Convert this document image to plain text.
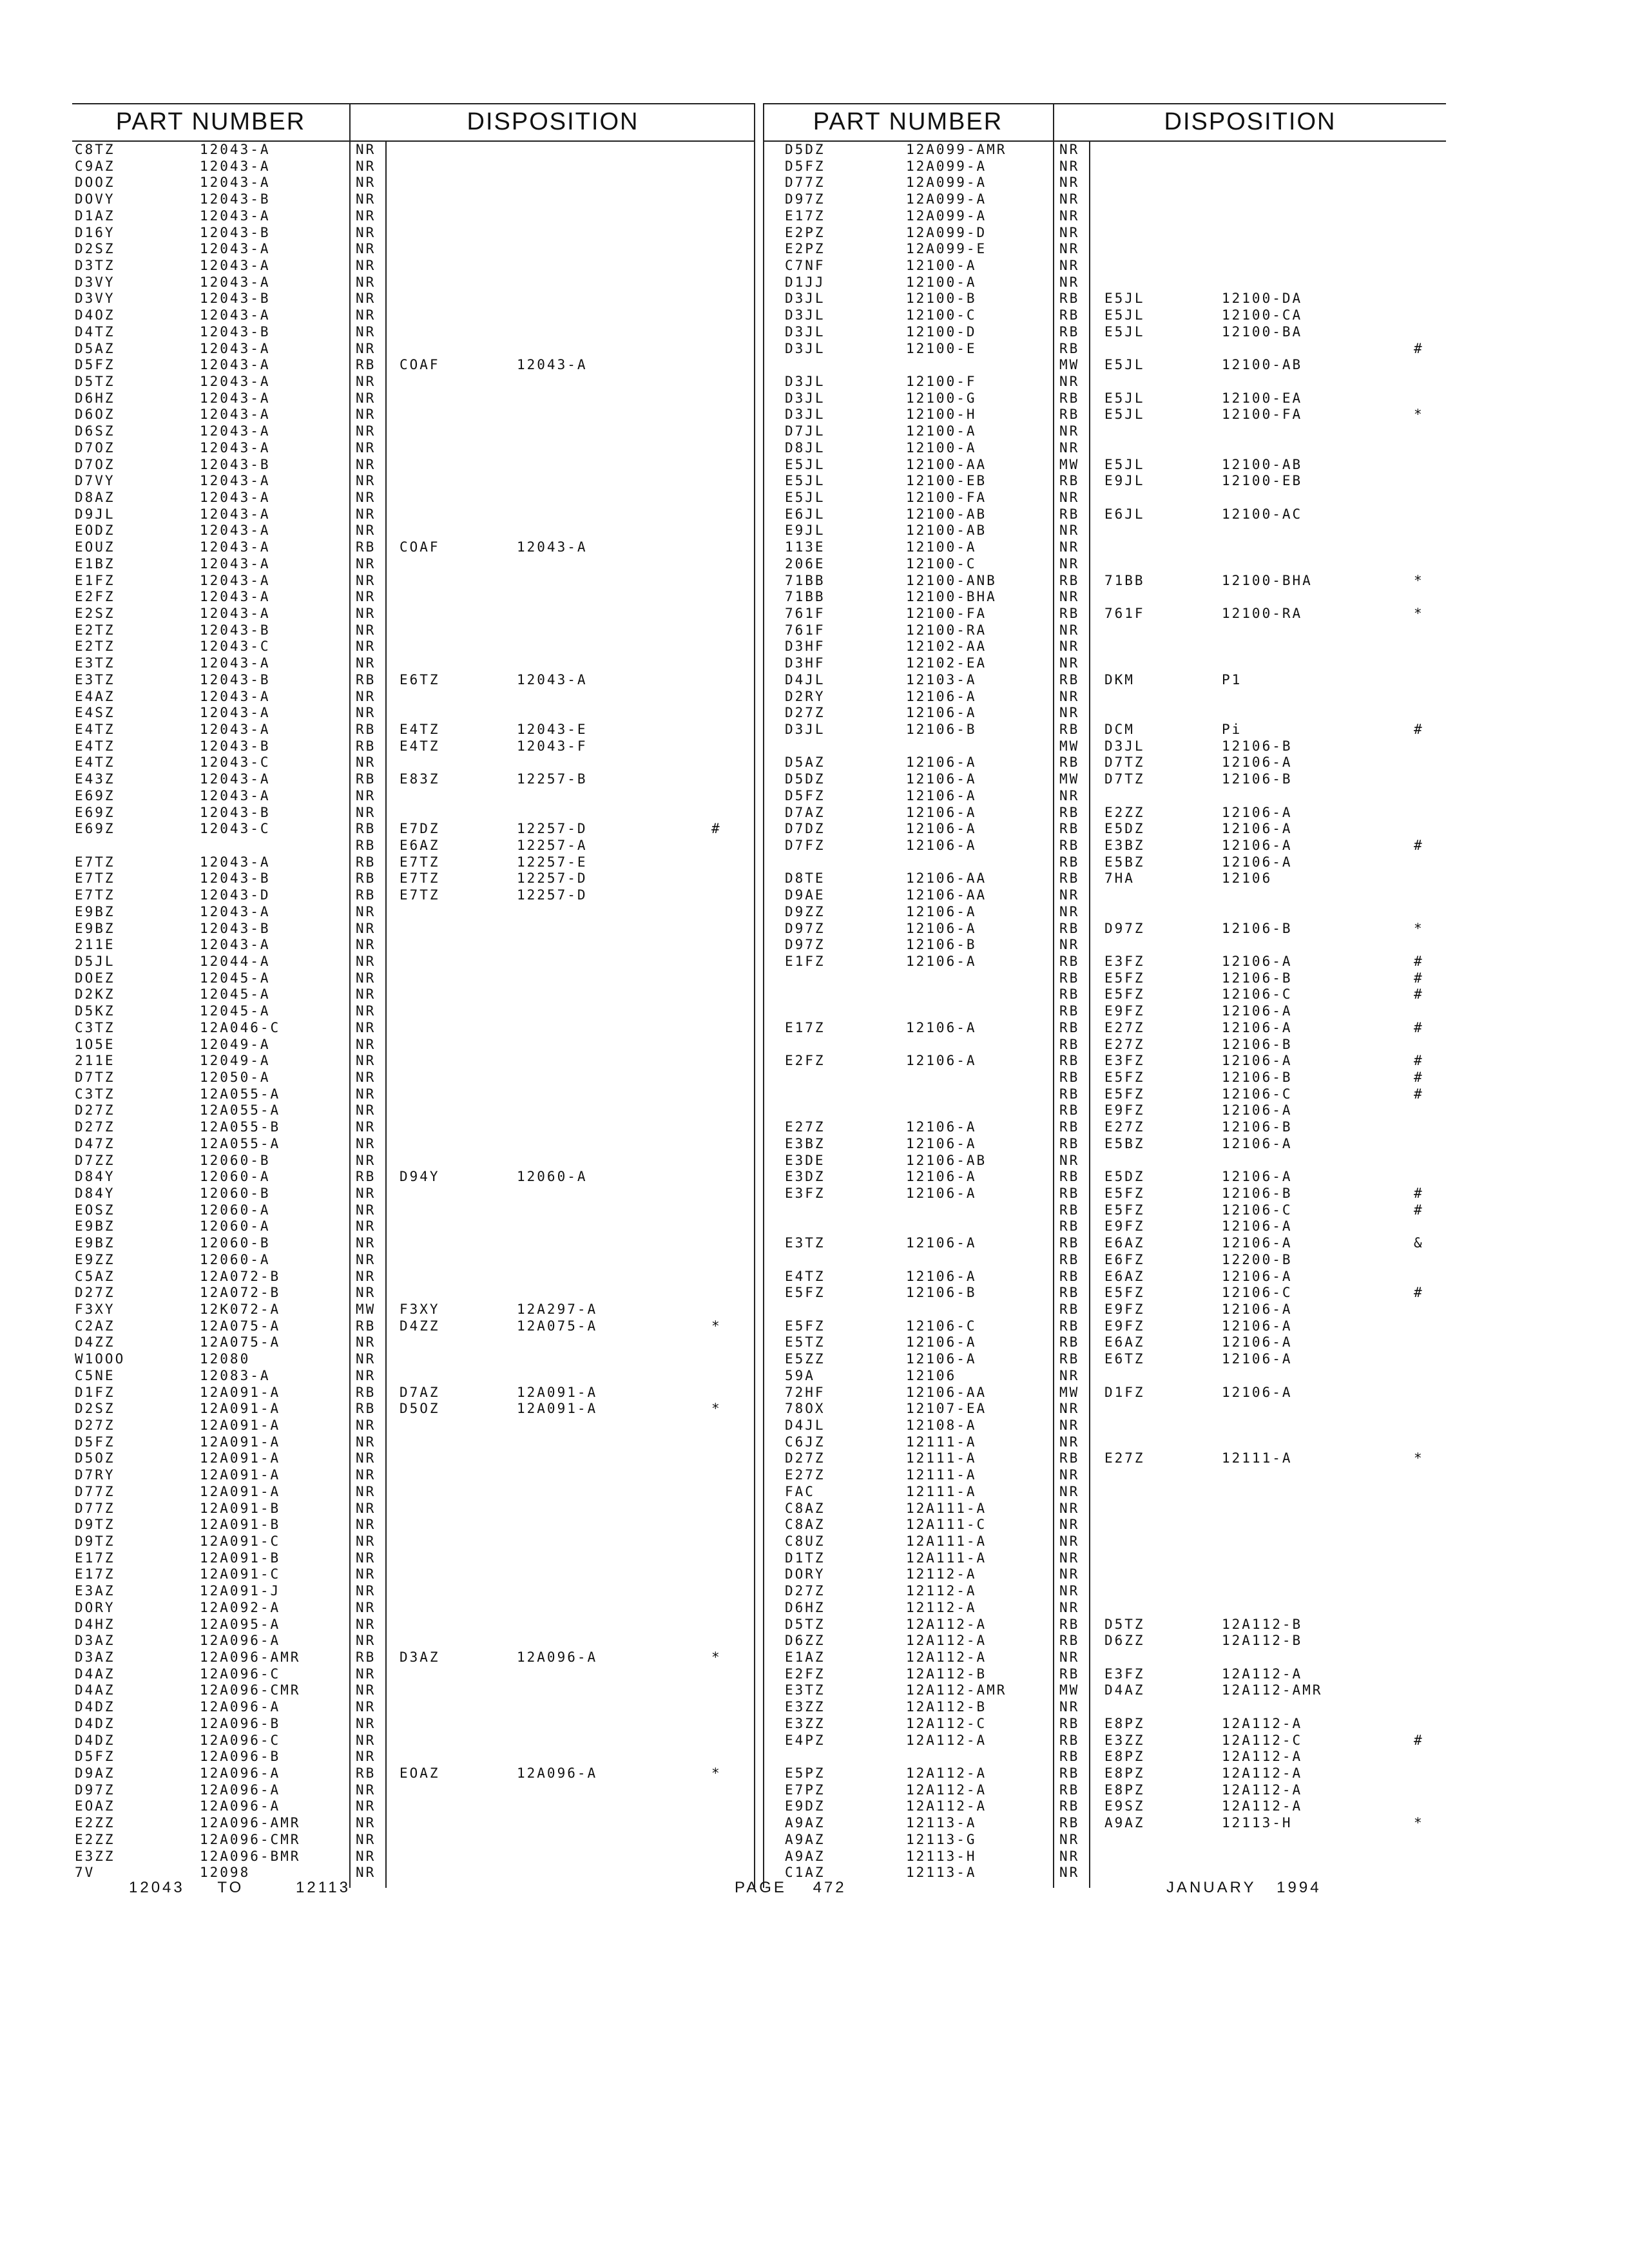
PART NUMBER	DISPOSITION
C8TZ	12043-A	NR
C9AZ	12043-A	NR
DOOZ	12043-A	NR
DOVY	12043-B	NR
D1AZ	12043-A	NR
D16Y	12043-B	NR
D2SZ	12043-A	NR
D3TZ	12043-A	NR
D3VY	12043-A	NR
D3VY	12043-B	NR
D4OZ	12043-A	NR
D4TZ	12043-B	NR
D5AZ	12043-A	NR
D5FZ	12043-A	RB COAF	12043-A
D5TZ	12043-A	NR
D6HZ	12043-A	NR
D6OZ	12043-A	NR
D6SZ	12043-A	NR
D7OZ	12043-A	NR
D7OZ	12043-B	NR
D7VY	12043-A	NR
D8AZ	12043-A	NR
D9JL	12043-A	NR
EODZ	12043-A	NR
EOUZ	12043-A	RB COAF	12043-A
E1BZ	12043-A	NR
E1FZ	12043-A	NR
E2FZ	12043-A	NR
E2SZ	12043-A	NR
E2TZ	12043-B	NR
E2TZ	12043-C	NR
E3TZ	12043-A	NR
E3TZ	12043-B	RB E6TZ	12043-A
E4AZ	12043-A	NR
E4SZ	12043-A	NR
E4TZ	12043-A	RB E4TZ	12043-E
E4TZ	12043-B	RB E4TZ	12043-F
E4TZ	12043-C	NR
E43Z	12043-A	RB E83Z	12257-B
E69Z	12043-A	NR
E69Z	12043-B	NR
E69Z	12043-C	RB E7DZ	12257-D	#
RB E6AZ	12257-A
E7TZ	12043-A	RB E7TZ	12257-E
E7TZ	12043-B	RB E7TZ	12257-D
E7TZ	12043-D	RB E7TZ	12257-D
E9BZ	12043-A	NR
E9BZ	12043-B	NR
211E	12043-A	NR
D5JL	12044-A	NR
DOEZ	12045-A	NR
D2KZ	12045-A	NR
D5KZ	12045-A	NR
C3TZ	12A046-C	NR
1O5E	12049-A	NR
211E	12049-A	NR
D7TZ	12050-A	NR
C3TZ	12A055-A	NR
D27Z	12A055-A	NR
D27Z	12A055-B	NR
D47Z	12A055-A	NR
D7ZZ	12060-B	NR
D84Y	12060-A	RB D94Y	12060-A
D84Y	12060-B	NR
EOSZ	12060-A	NR
E9BZ	12060-A	NR
E9BZ	12060-B	NR
E9ZZ	12060-A	NR
C5AZ	12A072-B	NR
D27Z	12A072-B	NR
F3XY	12K072-A	MW F3XY	12A297-A
C2AZ	12A075-A	RB D4ZZ	12A075-A	*
D4ZZ	12A075-A	NR
W1OOO	12080	NR
C5NE	12083-A	NR
D1FZ	12A091-A	RB D7AZ	12A091-A
D2SZ	12A091-A	RB D5OZ	12A091-A	*
D27Z	12A091-A	NR
D5FZ	12A091-A	NR
D5OZ	12A091-A	NR
D7RY	12A091-A	NR
D77Z	12A091-A	NR
D77Z	12A091-B	NR
D9TZ	12A091-B	NR
D9TZ	12A091-C	NR
E17Z	12A091-B	NR
E17Z	12A091-C	NR
E3AZ	12A091-J	NR
DORY	12A092-A	NR
D4HZ	12A095-A	NR
D3AZ	12A096-A	NR
D3AZ	12A096-AMR	RB D3AZ	12A096-A	*
D4AZ	12A096-C	NR
D4AZ	12A096-CMR	NR
D4DZ	12A096-A	NR
D4DZ	12A096-B	NR
D4DZ	12A096-C	NR
D5FZ	12A096-B	NR
D9AZ	12A096-A	RB EOAZ	12A096-A	*
D97Z	12A096-A	NR
EOAZ	12A096-A	NR
E2ZZ	12A096-AMR	NR
E2ZZ	12A096-CMR	NR
E3ZZ	12A096-BMR	NR
7V	12098	NR
PART NUMBER	DISPOSITION
D5DZ	12A099-AMR	NR
D5FZ	12A099-A	NR
D77Z	12A099-A	NR
D97Z	12A099-A	NR
E17Z	12A099-A	NR
E2PZ	12A099-D	NR
E2PZ	12A099-E	NR
C7NF	12100-A	NR
D1JJ	12100-A	NR
D3JL	12100-B	RB E5JL	12100-DA
D3JL	12100-C	RB E5JL	12100-CA
D3JL	12100-D	RB E5JL	12100-BA
D3JL	12100-E	RB	#
MW E5JL	12100-AB
D3JL	12100-F	NR
D3JL	12100-G	RB E5JL	12100-EA
D3JL	12100-H	RB E5JL	12100-FA	*
D7JL	12100-A	NR
D8JL	12100-A	NR
E5JL	12100-AA	MW E5JL	12100-AB
E5JL	12100-EB	RB E9JL	12100-EB
E5JL	12100-FA	NR
E6JL	12100-AB	RB E6JL	12100-AC
E9JL	12100-AB	NR
113E	12100-A	NR
206E	12100-C	NR
71BB	12100-ANB	RB 71BB	12100-BHA	*
71BB	12100-BHA	NR
761F	12100-FA	RB 761F	12100-RA	*
761F	12100-RA	NR
D3HF	12102-AA	NR
D3HF	12102-EA	NR
D4JL	12103-A	RB DKM	P1
D2RY	12106-A	NR
D27Z	12106-A	NR
D3JL	12106-B	RB DCM	Pi	#
MW D3JL	12106-B
D5AZ	12106-A	RB D7TZ	12106-A
D5DZ	12106-A	MW D7TZ	12106-B
D5FZ	12106-A	NR
D7AZ	12106-A	RB E2ZZ	12106-A
D7DZ	12106-A	RB E5DZ	12106-A
D7FZ	12106-A	RB E3BZ	12106-A	#
RB E5BZ	12106-A
D8TE	12106-AA	RB 7HA	12106
D9AE	12106-AA	NR
D9ZZ	12106-A	NR
D97Z	12106-A	RB D97Z	12106-B	*
D97Z	12106-B	NR
E1FZ	12106-A	RB E3FZ	12106-A	#
RB E5FZ	12106-B	#
RB E5FZ	12106-C	#
RB E9FZ	12106-A
E17Z	12106-A	RB E27Z	12106-A	#
RB E27Z	12106-B
E2FZ	12106-A	RB E3FZ	12106-A	#
RB E5FZ	12106-B	#
RB E5FZ	12106-C	#
RB E9FZ	12106-A
E27Z	12106-A	RB E27Z	12106-B
E3BZ	12106-A	RB E5BZ	12106-A
E3DE	12106-AB	NR
E3DZ	12106-A	RB E5DZ	12106-A
E3FZ	12106-A	RB E5FZ	12106-B	#
RB E5FZ	12106-C	#
RB E9FZ	12106-A
E3TZ	12106-A	RB E6AZ	12106-A	&
RB E6FZ	12200-B
E4TZ	12106-A	RB E6AZ	12106-A
E5FZ	12106-B	RB E5FZ	12106-C	#
RB E9FZ	12106-A
E5FZ	12106-C	RB E9FZ	12106-A
E5TZ	12106-A	RB E6AZ	12106-A
E5ZZ	12106-A	RB E6TZ	12106-A
59A	12106	NR
72HF	12106-AA	MW D1FZ	12106-A
78OX	12107-EA	NR
D4JL	12108-A	NR
C6JZ	12111-A	NR
D27Z	12111-A	RB E27Z	12111-A	*
E27Z	12111-A	NR
FAC	12111-A	NR
C8AZ	12A111-A	NR
C8AZ	12A111-C	NR
C8UZ	12A111-A	NR
D1TZ	12A111-A	NR
DORY	12112-A	NR
D27Z	12112-A	NR
D6HZ	12112-A	NR
D5TZ	12A112-A	RB D5TZ	12A112-B
D6ZZ	12A112-A	RB D6ZZ	12A112-B
E1AZ	12A112-A	NR
E2FZ	12A112-B	RB E3FZ	12A112-A
E3TZ	12A112-AMR	MW D4AZ	12A112-AMR
E3ZZ	12A112-B	NR
E3ZZ	12A112-C	RB E8PZ	12A112-A
E4PZ	12A112-A	RB E3ZZ	12A112-C	#
RB E8PZ	12A112-A
E5PZ	12A112-A	RB E8PZ	12A112-A
E7PZ	12A112-A	RB E8PZ	12A112-A
E9DZ	12A112-A	RB E9SZ	12A112-A
A9AZ	12113-A	RB A9AZ	12113-H	*
A9AZ	12113-G	NR
A9AZ	12113-H	NR
C1AZ	12113-A	NR
12043 TO	12113	PAGE 472	JANUARY   1994
